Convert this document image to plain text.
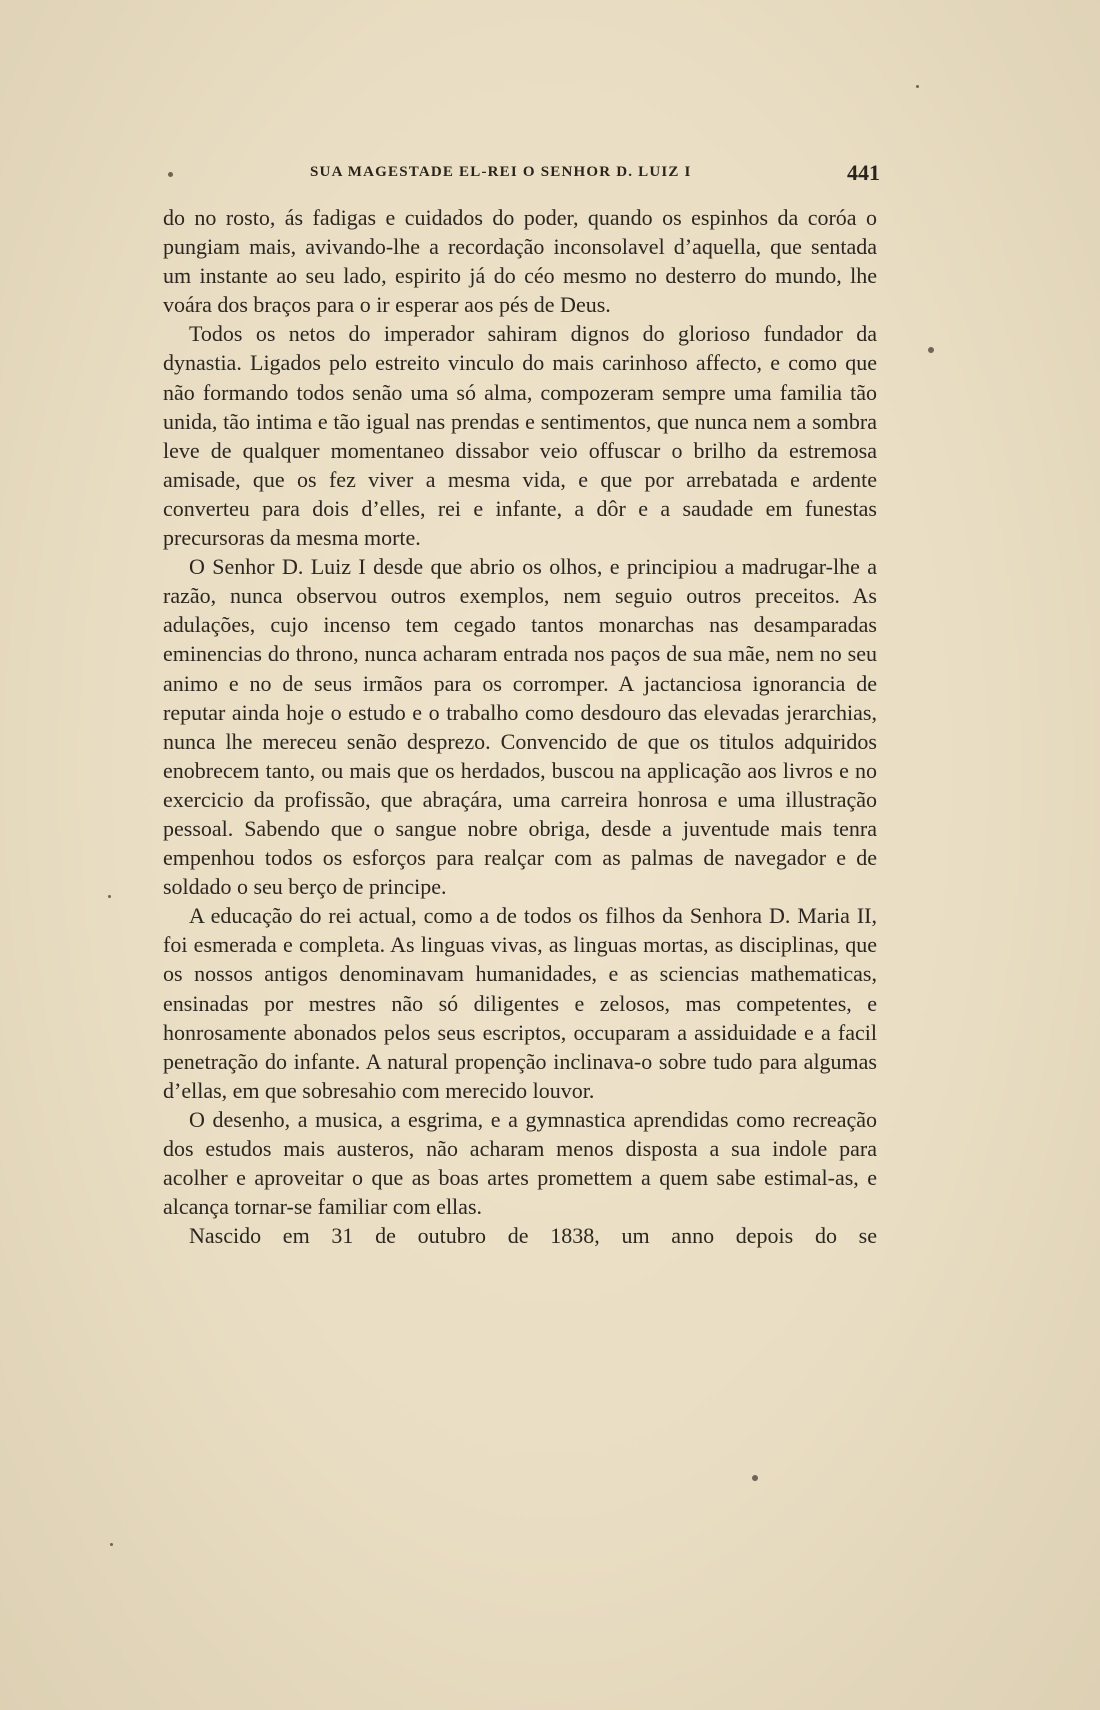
SUA MAGESTADE EL-REI O SENHOR D. LUIZ I	441

do no rosto, ás fadigas e cuidados do poder, quando os espinhos da coróa o pungiam mais, avivando-lhe a recordação inconsolavel d’aquella, que sentada um instante ao seu lado, espirito já do céo mesmo no desterro do mundo, lhe voára dos braços para o ir esperar aos pés de Deus.

Todos os netos do imperador sahiram dignos do glorioso fundador da dynastia. Ligados pelo estreito vinculo do mais carinhoso affecto, e como que não formando todos senão uma só alma, compozeram sempre uma familia tão unida, tão intima e tão igual nas prendas e sentimentos, que nunca nem a sombra leve de qualquer momentaneo dissabor veio offuscar o brilho da estremosa amisade, que os fez viver a mesma vida, e que por arrebatada e ardente converteu para dois d’elles, rei e infante, a dôr e a saudade em funestas precursoras da mesma morte.

O Senhor D. Luiz I desde que abrio os olhos, e principiou a madrugar-lhe a razão, nunca observou outros exemplos, nem seguio outros preceitos. As adulações, cujo incenso tem cegado tantos monarchas nas desamparadas eminencias do throno, nunca acharam entrada nos paços de sua mãe, nem no seu animo e no de seus irmãos para os corromper. A jactanciosa ignorancia de reputar ainda hoje o estudo e o trabalho como desdouro das elevadas jerarchias, nunca lhe mereceu senão desprezo. Convencido de que os titulos adquiridos enobrecem tanto, ou mais que os herdados, buscou na applicação aos livros e no exercicio da profissão, que abraçára, uma carreira honrosa e uma illustração pessoal. Sabendo que o sangue nobre obriga, desde a juventude mais tenra empenhou todos os esforços para realçar com as palmas de navegador e de soldado o seu berço de principe.

A educação do rei actual, como a de todos os filhos da Senhora D. Maria II, foi esmerada e completa. As linguas vivas, as linguas mortas, as disciplinas, que os nossos antigos denominavam humanidades, e as sciencias mathematicas, ensinadas por mestres não só diligentes e zelosos, mas competentes, e honrosamente abonados pelos seus escriptos, occuparam a assiduidade e a facil penetração do infante. A natural propenção inclinava-o sobre tudo para algumas d’ellas, em que sobresahio com merecido louvor.

O desenho, a musica, a esgrima, e a gymnastica aprendidas como recreação dos estudos mais austeros, não acharam menos disposta a sua indole para acolher e aproveitar o que as boas artes promettem a quem sabe estimal-as, e alcança tornar-se familiar com ellas.

Nascido em 31 de outubro de 1838, um anno depois do se
